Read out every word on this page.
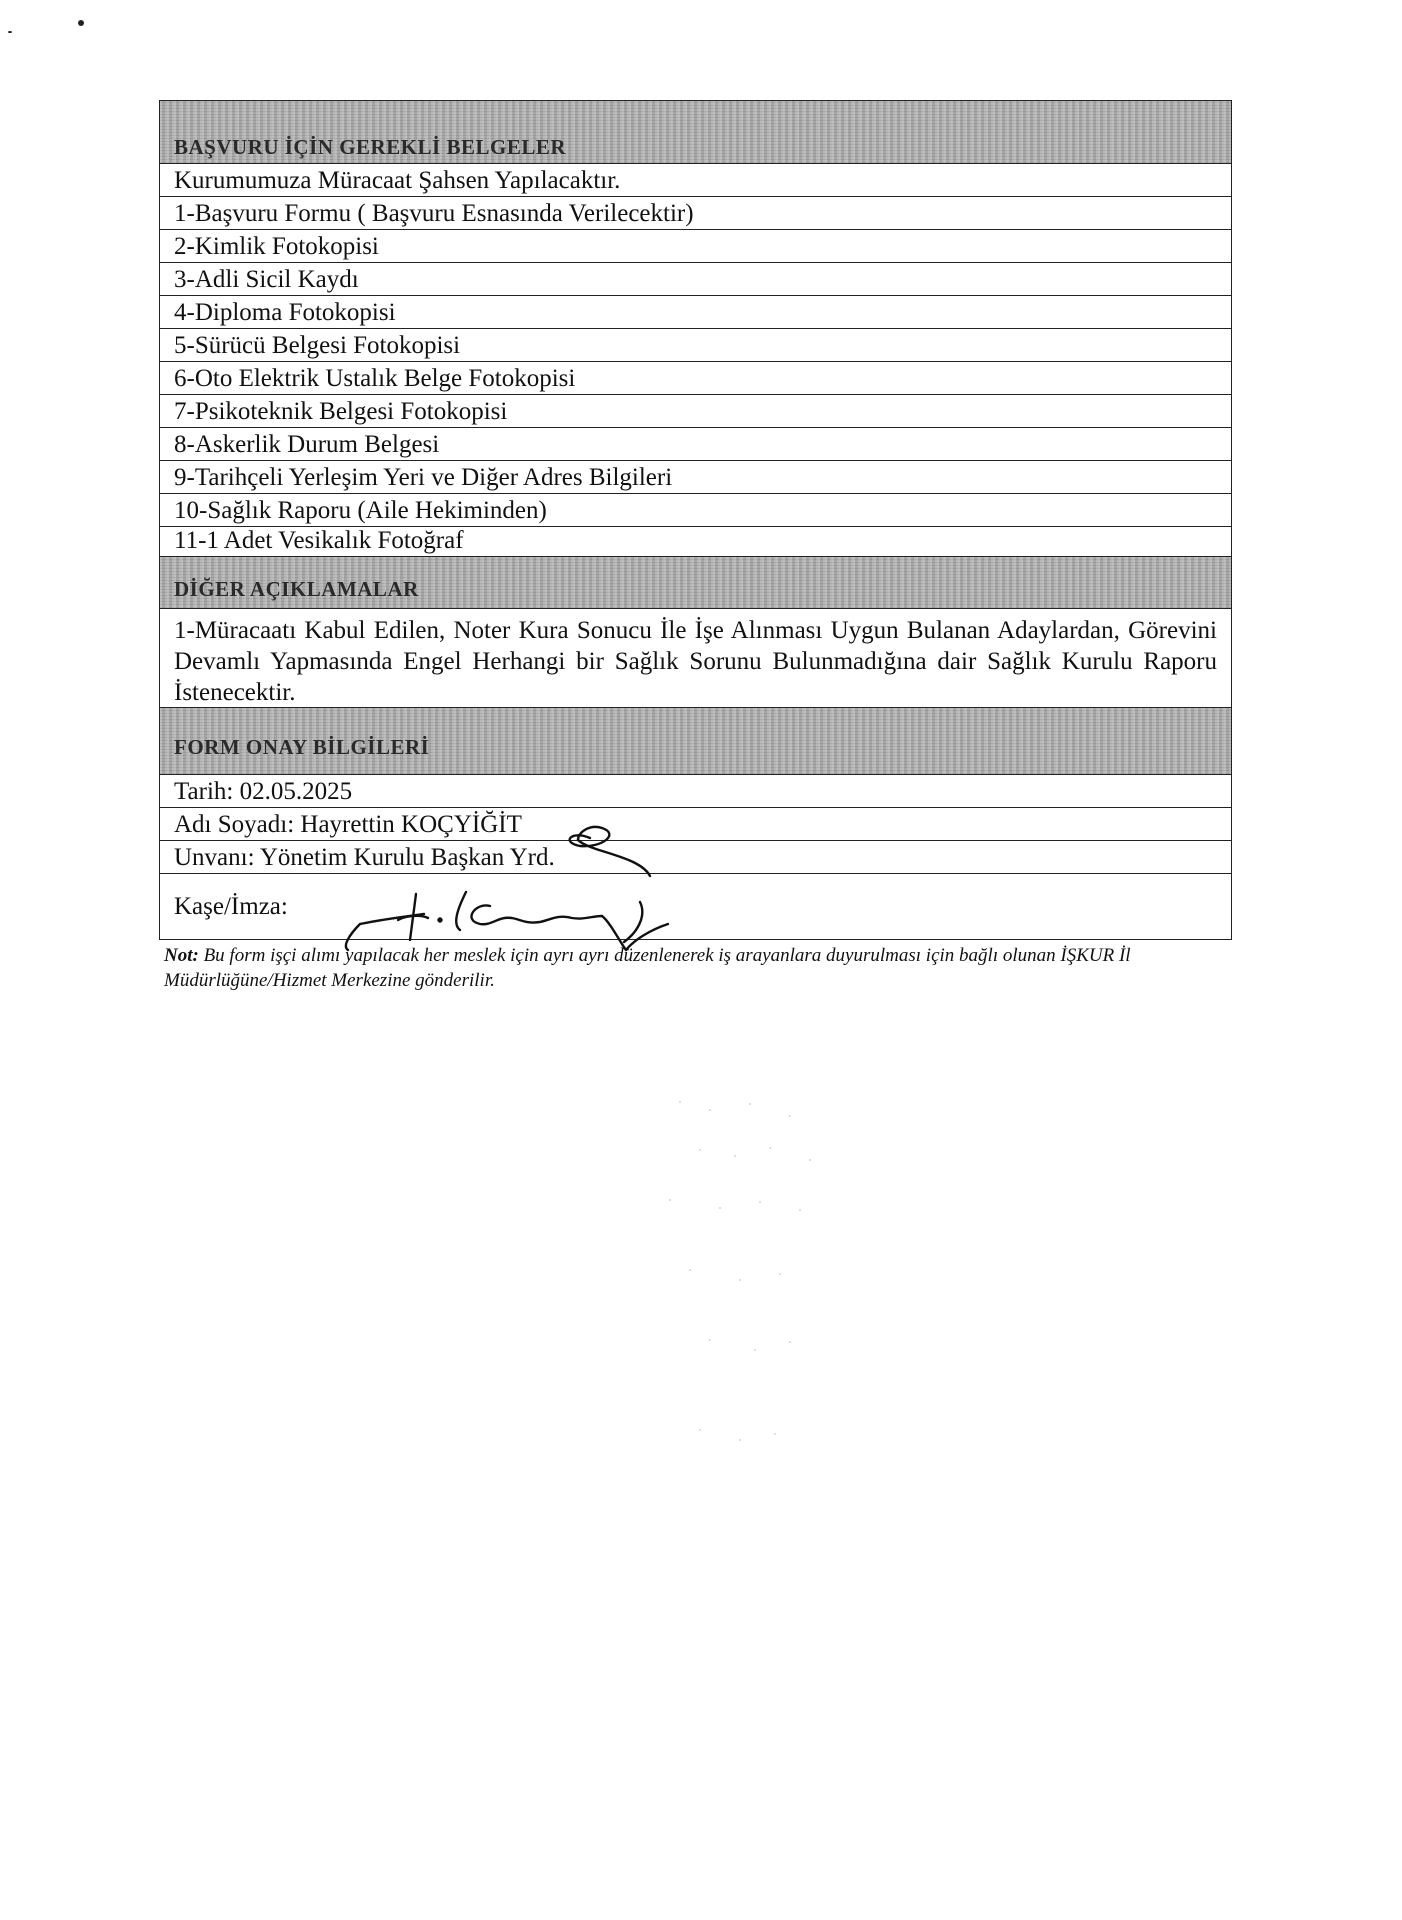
BAŞVURU İÇİN GEREKLİ BELGELER
Kurumumuza Müracaat Şahsen Yapılacaktır.
1-Başvuru Formu ( Başvuru Esnasında Verilecektir)
2-Kimlik Fotokopisi
3-Adli Sicil Kaydı
4-Diploma Fotokopisi
5-Sürücü Belgesi Fotokopisi
6-Oto Elektrik Ustalık Belge Fotokopisi
7-Psikoteknik Belgesi Fotokopisi
8-Askerlik Durum Belgesi
9-Tarihçeli Yerleşim Yeri ve Diğer Adres Bilgileri
10-Sağlık Raporu (Aile Hekiminden)
11-1 Adet Vesikalık Fotoğraf
DİĞER AÇIKLAMALAR
1-Müracaatı Kabul Edilen, Noter Kura Sonucu İle İşe Alınması Uygun Bulanan Adaylardan, Görevini Devamlı Yapmasında Engel Herhangi bir Sağlık Sorunu Bulunmadığına dair Sağlık Kurulu Raporu İstenecektir.
FORM ONAY BİLGİLERİ
Tarih: 02.05.2025
Adı Soyadı: Hayrettin KOÇYİĞİT
Unvanı: Yönetim Kurulu Başkan Yrd.
Kaşe/İmza:
Not: Bu form işçi alımı yapılacak her meslek için ayrı ayrı düzenlenerek iş arayanlara duyurulması için bağlı olunan İŞKUR İl Müdürlüğüne/Hizmet Merkezine gönderilir.
